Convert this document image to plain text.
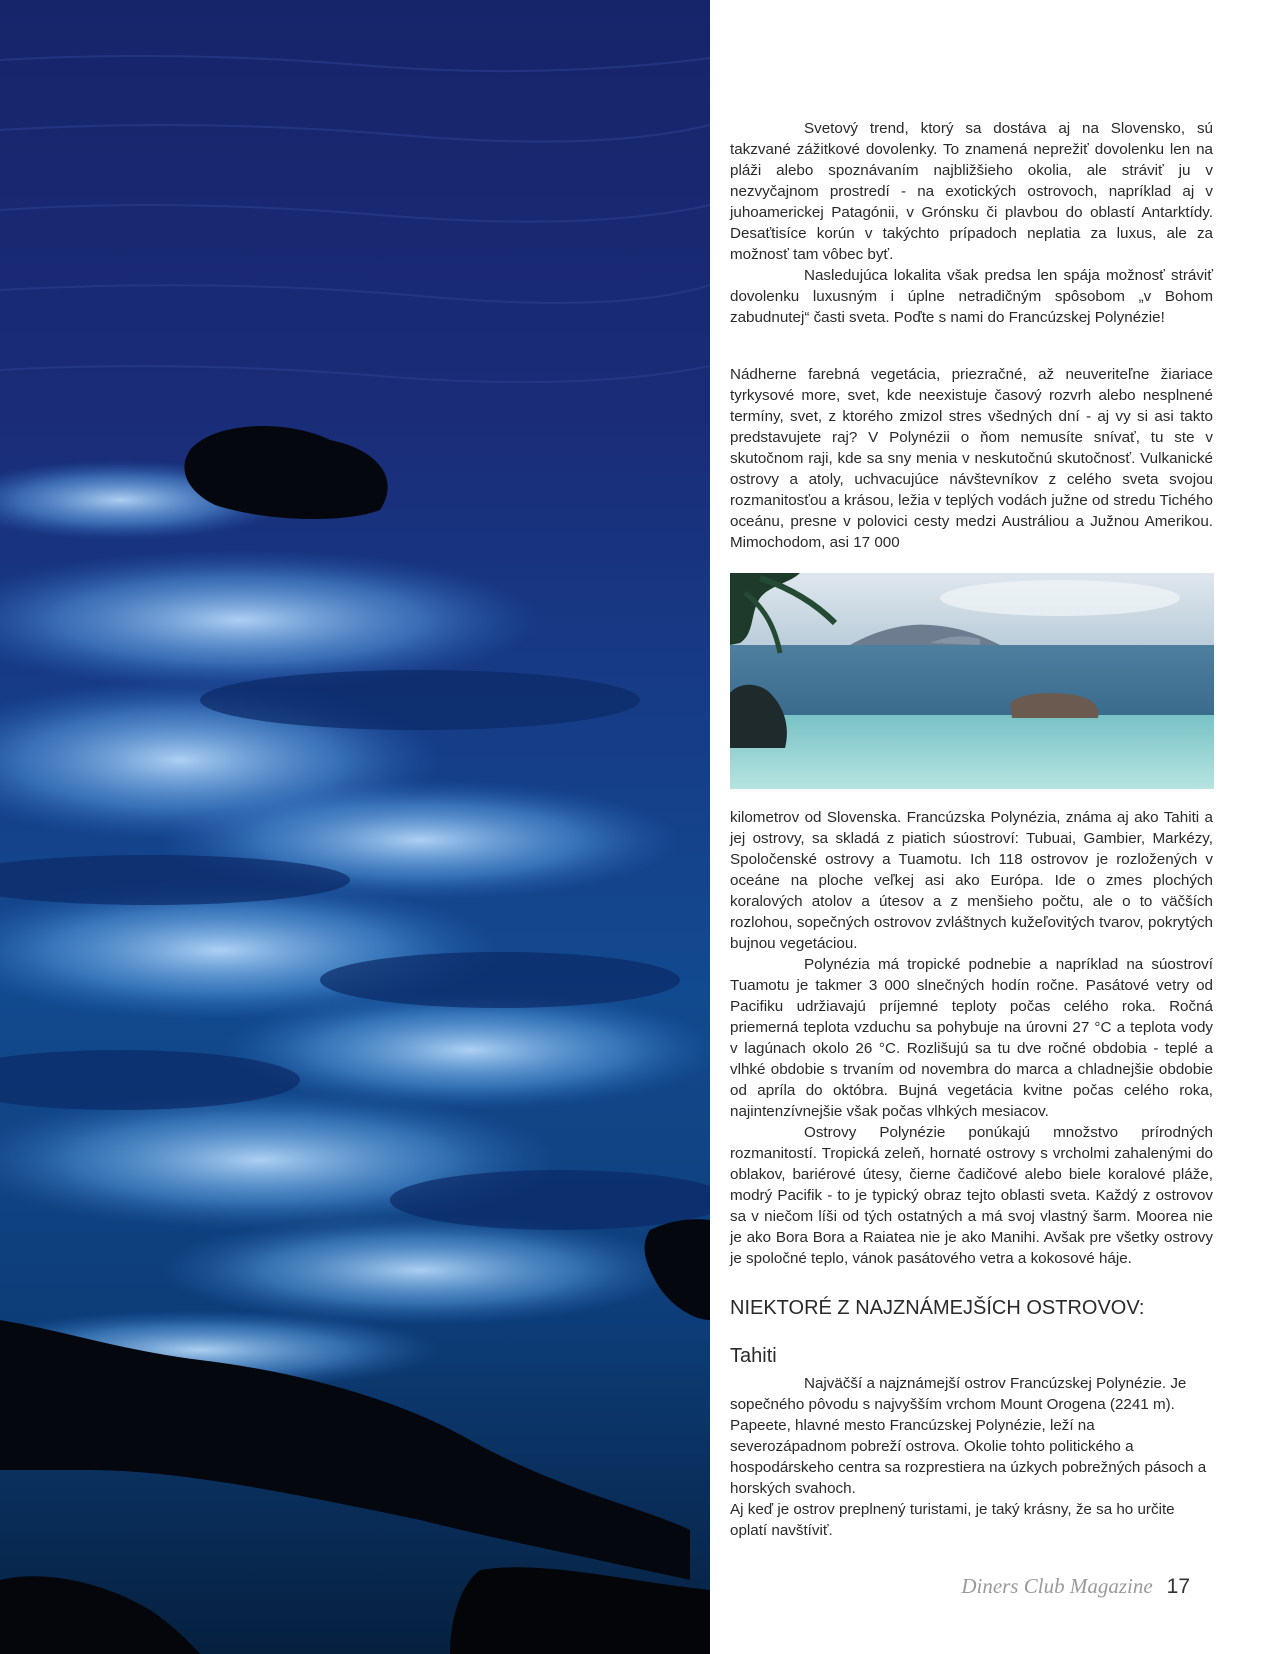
Svetový trend, ktorý sa dostáva aj na Slovensko, sú takzvané zážitkové dovolenky. To znamená neprežiť dovolenku len na pláži alebo spoznávaním najbližšieho okolia, ale stráviť ju v nezvyčajnom prostredí - na exotických ostrovoch, napríklad aj v juhoamerickej Patagónii, v Grónsku či plavbou do oblastí Antarktídy. Desaťtisíce korún v takýchto prípadoch neplatia za luxus, ale za možnosť tam vôbec byť.

Nasledujúca lokalita však predsa len spája možnosť stráviť dovolenku luxusným i úplne netradičným spôsobom „v Bohom zabudnutej“ časti sveta. Poďte s nami do Francúzskej Polynézie!

Nádherne farebná vegetácia, priezračné, až neuveriteľne žiariace tyrkysové more, svet, kde neexistuje časový rozvrh alebo nesplnené termíny, svet, z ktorého zmizol stres všedných dní - aj vy si asi takto predstavujete raj? V Polynézii o ňom nemusíte snívať, tu ste v skutočnom raji, kde sa sny menia v neskutočnú skutočnosť. Vulkanické ostrovy a atoly, uchvacujúce návštevníkov z celého sveta svojou rozmanitosťou a krásou, ležia v teplých vodách južne od stredu Tichého oceánu, presne v polovici cesty medzi Austráliou a Južnou Amerikou. Mimochodom, asi 17 000

kilometrov od Slovenska. Francúzska Polynézia, známa aj ako Tahiti a jej ostrovy, sa skladá z piatich súostroví: Tubuai, Gambier, Markézy, Spoločenské ostrovy a Tuamotu. Ich 118 ostrovov je rozložených v oceáne na ploche veľkej asi ako Európa. Ide o zmes plochých koralových atolov a útesov a z menšieho počtu, ale o to väčších rozlohou, sopečných ostrovov zvláštnych kužeľovitých tvarov, pokrytých bujnou vegetáciou.

Polynézia má tropické podnebie a napríklad na súostroví Tuamotu je takmer 3 000 slnečných hodín ročne. Pasátové vetry od Pacifiku udržiavajú príjemné teploty počas celého roka. Ročná priemerná teplota vzduchu sa pohybuje na úrovni 27 °C a teplota vody v lagúnach okolo 26 °C. Rozlišujú sa tu dve ročné obdobia - teplé a vlhké obdobie s trvaním od novembra do marca a chladnejšie obdobie od apríla do októbra. Bujná vegetácia kvitne počas celého roka, najintenzívnejšie však počas vlhkých mesiacov.

Ostrovy Polynézie ponúkajú množstvo prírodných rozmanitostí. Tropická zeleň, hornaté ostrovy s vrcholmi zahalenými do oblakov, bariérové útesy, čierne čadičové alebo biele koralové pláže, modrý Pacifik - to je typický obraz tejto oblasti sveta. Každý z ostrovov sa v niečom líši od tých ostatných a má svoj vlastný šarm. Moorea nie je ako Bora Bora a Raiatea nie je ako Manihi. Avšak pre všetky ostrovy je spoločné teplo, vánok pasátového vetra a kokosové háje.

NIEKTORÉ Z NAJZNÁMEJŠÍCH OSTROVOV:
Tahiti

Najväčší a najznámejší ostrov Francúzskej Polynézie. Je sopečného pôvodu s najvyšším vrchom Mount Orogena (2241 m). Papeete, hlavné mesto Francúzskej Polynézie, leží na severozápadnom pobreží ostrova. Okolie tohto politického a hospodárskeho centra sa rozprestiera na úzkych pobrežných pásoch a horských svahoch.

Aj keď je ostrov preplnený turistami, je taký krásny, že sa ho určite oplatí navštíviť.

Diners Club Magazine 17
